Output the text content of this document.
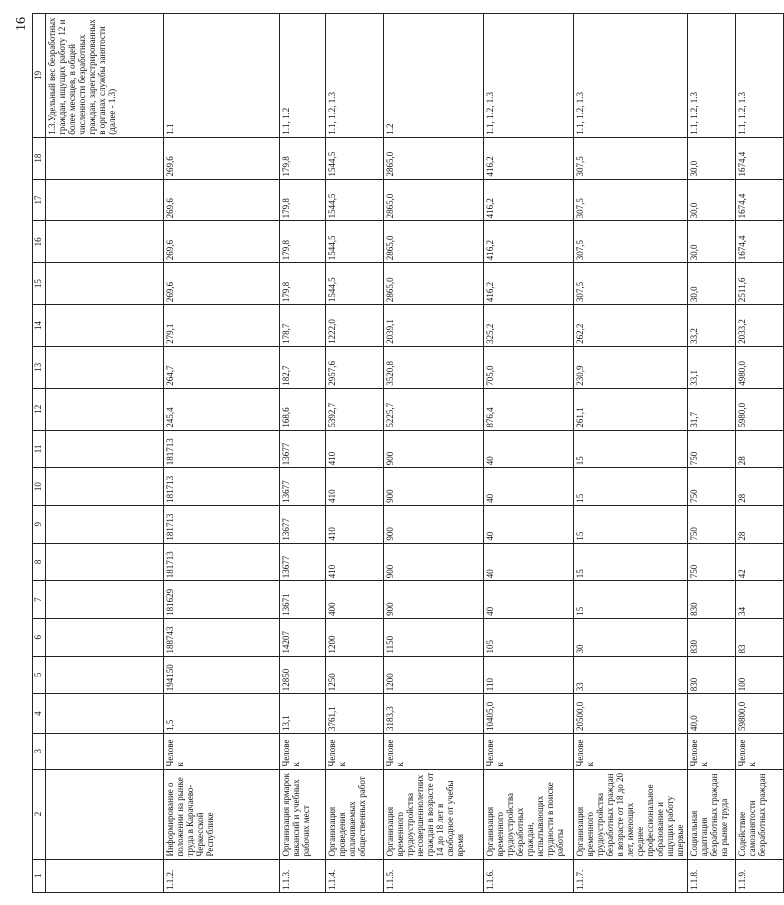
16
1	2	3	4	5	6	7	8	9	10	11	12	13	14	15	16	17	18	19
																		1.3.Удельный вес безработных граждан, ищущих работу 12 и более месяцев, в общей численности безработных граждан, зарегистрированных в органах службы занятости (далее - 1.3)
1.1.2.	Информирование о положении на рынке труда в Карачаево-Черкесской Республике	Человек	1,5	194150	188743	181629	181713	181713	181713	181713	245,4	264,7	279,1	269,6	269,6	269,6	269,6	1.1
1.1.3.	Организация ярмарок вакансий и учебных рабочих мест	Человек	13,1	12850	14207	13671	13677	13677	13677	13677	168,6	182,7	178,7	179,8	179,8	179,8	179,8	1.1, 1.2
1.1.4.	Организация проведения оплачиваемых общественных работ	Человек	3761,1	1250	1200	400	410	410	410	410	5392,7	2957,6	1222,0	1544,5	1544,5	1544,5	1544,5	1.1, 1.2, 1.3
1.1.5.	Организация временного трудоустройства несовершеннолетних граждан в возрасте от 14 до 18 лет в свободное от учебы время	Человек	3183,3	1200	1150	900	900	900	900	900	5225,7	3520,8	2039,1	2865,0	2865,0	2865,0	2865,0	1.2
1.1.6.	Организация временного трудоустройства безработных граждан, испытывающих трудности в поиске работы	Человек	10405,0	110	105	40	40	40	40	40	876,4	705,0	325,2	416,2	416,2	416,2	416,2	1.1, 1.2, 1.3
1.1.7.	Организация временного трудоустройства безработных граждан в возрасте от 18 до 20 лет, имеющих среднее профессиональное образование и ищущих работу впервые	Человек	20500,0	33	30	15	15	15	15	15	261,1	230,9	262,2	307,5	307,5	307,5	307,5	1.1, 1.2, 1.3
1.1.8.	Социальная адаптация безработных граждан на рынке труда	Человек	40,0	830	830	830	750	750	750	750	31,7	33,1	33,2	30,0	30,0	30,0	30,0	1.1, 1.2, 1.3
1.1.9.	Содействие самозанятости безработных граждан	Человек	59800,0	100	83	34	42	28	28	28	5980,0	4980,0	2033,2	2511,6	1674,4	1674,4	1674,4	1.1, 1.2, 1.3
